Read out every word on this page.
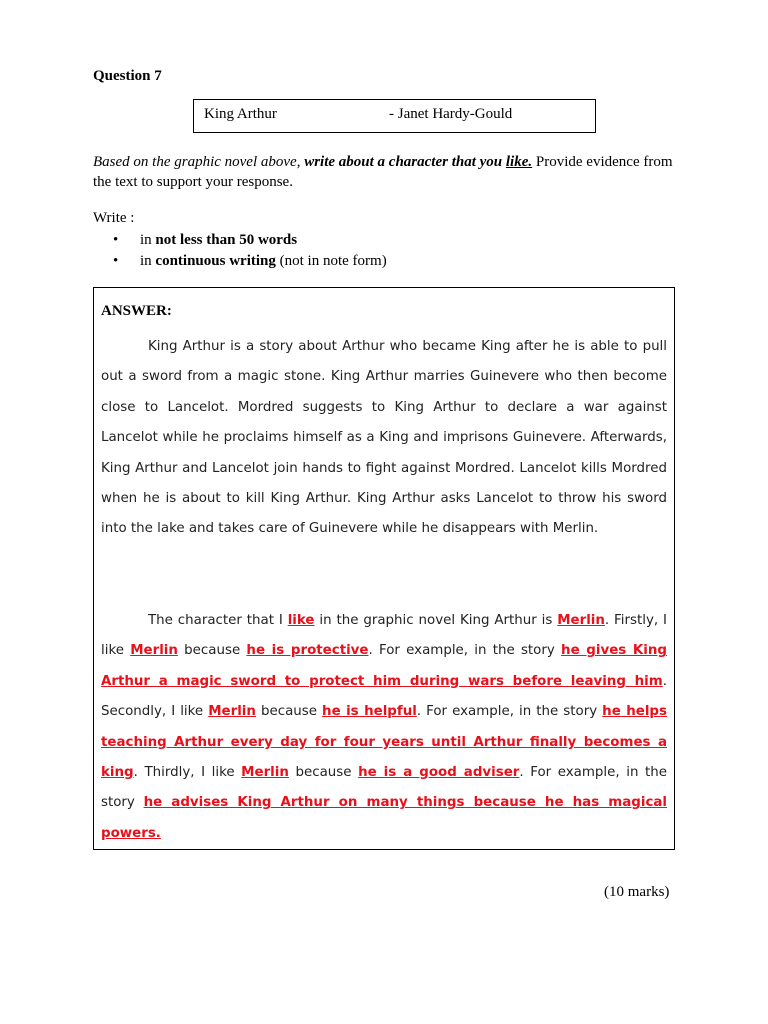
Question 7
King Arthur	- Janet Hardy-Gould
Based on the graphic novel above, write about a character that you like. Provide evidence from the text to support your response.
Write :
• in not less than 50 words
• in continuous writing (not in note form)
ANSWER:
King Arthur is a story about Arthur who became King after he is able to pull out a sword from a magic stone. King Arthur marries Guinevere who then become close to Lancelot. Mordred suggests to King Arthur to declare a war against Lancelot while he proclaims himself as a King and imprisons Guinevere. Afterwards, King Arthur and Lancelot join hands to fight against Mordred. Lancelot kills Mordred when he is about to kill King Arthur. King Arthur asks Lancelot to throw his sword into the lake and takes care of Guinevere while he disappears with Merlin.
The character that I like in the graphic novel King Arthur is Merlin. Firstly, I like Merlin because he is protective. For example, in the story he gives King Arthur a magic sword to protect him during wars before leaving him. Secondly, I like Merlin because he is helpful. For example, in the story he helps teaching Arthur every day for four years until Arthur finally becomes a king. Thirdly, I like Merlin because he is a good adviser. For example, in the story he advises King Arthur on many things because he has magical powers.
(10 marks)
